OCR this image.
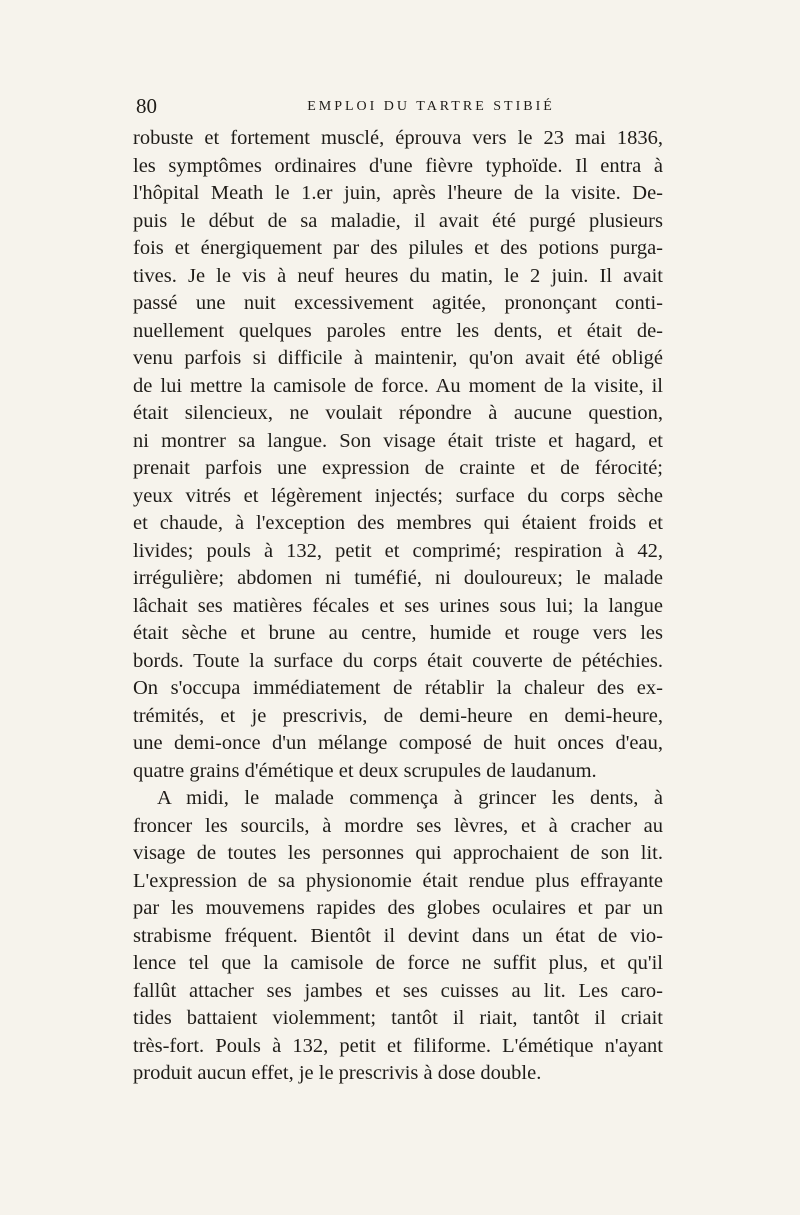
80	EMPLOI DU TARTRE STIBIÉ
robuste et fortement musclé, éprouva vers le 23 mai 1836,
les symptômes ordinaires d'une fièvre typhoïde. Il entra à
l'hôpital Meath le 1.er juin, après l'heure de la visite. De-
puis le début de sa maladie, il avait été purgé plusieurs
fois et énergiquement par des pilules et des potions purga-
tives. Je le vis à neuf heures du matin, le 2 juin. Il avait
passé une nuit excessivement agitée, prononçant conti-
nuellement quelques paroles entre les dents, et était de-
venu parfois si difficile à maintenir, qu'on avait été obligé
de lui mettre la camisole de force. Au moment de la visite, il
était silencieux, ne voulait répondre à aucune question,
ni montrer sa langue. Son visage était triste et hagard, et
prenait parfois une expression de crainte et de férocité;
yeux vitrés et légèrement injectés; surface du corps sèche
et chaude, à l'exception des membres qui étaient froids et
livides; pouls à 132, petit et comprimé; respiration à 42,
irrégulière; abdomen ni tuméfié, ni douloureux; le malade
lâchait ses matières fécales et ses urines sous lui; la langue
était sèche et brune au centre, humide et rouge vers les
bords. Toute la surface du corps était couverte de pétéchies.
On s'occupa immédiatement de rétablir la chaleur des ex-
trémités, et je prescrivis, de demi-heure en demi-heure,
une demi-once d'un mélange composé de huit onces d'eau,
quatre grains d'émétique et deux scrupules de laudanum.
A midi, le malade commença à grincer les dents, à
froncer les sourcils, à mordre ses lèvres, et à cracher au
visage de toutes les personnes qui approchaient de son lit.
L'expression de sa physionomie était rendue plus effrayante
par les mouvemens rapides des globes oculaires et par un
strabisme fréquent. Bientôt il devint dans un état de vio-
lence tel que la camisole de force ne suffit plus, et qu'il
fallût attacher ses jambes et ses cuisses au lit. Les caro-
tides battaient violemment; tantôt il riait, tantôt il criait
très-fort. Pouls à 132, petit et filiforme. L'émétique n'ayant
produit aucun effet, je le prescrivis à dose double.
